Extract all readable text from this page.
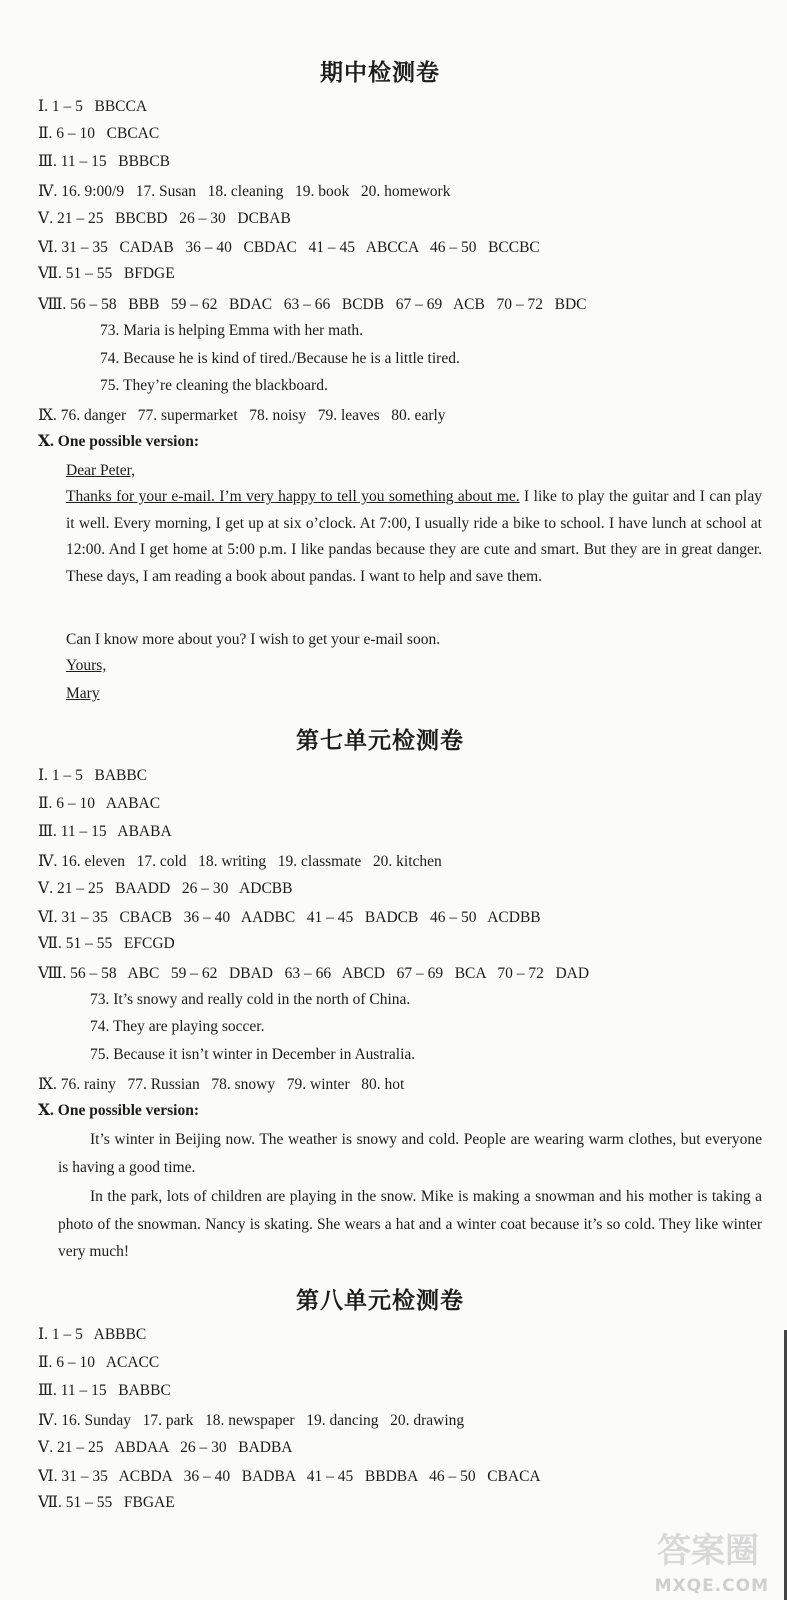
期中检测卷
Ⅰ. 1 – 5   BBCCA
Ⅱ. 6 – 10   CBCAC
Ⅲ. 11 – 15   BBBCB
Ⅳ. 16. 9:00/9   17. Susan   18. cleaning   19. book   20. homework
Ⅴ. 21 – 25   BBCBD   26 – 30   DCBAB
Ⅵ. 31 – 35   CADAB   36 – 40   CBDAC   41 – 45   ABCCA   46 – 50   BCCBC
Ⅶ. 51 – 55   BFDGE
Ⅷ. 56 – 58   BBB   59 – 62   BDAC   63 – 66   BCDB   67 – 69   ACB   70 – 72   BDC
73. Maria is helping Emma with her math.
74. Because he is kind of tired./Because he is a little tired.
75. They’re cleaning the blackboard.
Ⅸ. 76. danger   77. supermarket   78. noisy   79. leaves   80. early
Ⅹ. One possible version:
Dear Peter,
Thanks for your e-mail. I’m very happy to tell you something about me. I like to play the guitar and I can play it well. Every morning, I get up at six o’clock. At 7:00, I usually ride a bike to school. I have lunch at school at 12:00. And I get home at 5:00 p.m. I like pandas because they are cute and smart. But they are in great danger. These days, I am reading a book about pandas. I want to help and save them.
Can I know more about you? I wish to get your e-mail soon.
Yours,
Mary
第七单元检测卷
Ⅰ. 1 – 5   BABBC
Ⅱ. 6 – 10   AABAC
Ⅲ. 11 – 15   ABABA
Ⅳ. 16. eleven   17. cold   18. writing   19. classmate   20. kitchen
Ⅴ. 21 – 25   BAADD   26 – 30   ADCBB
Ⅵ. 31 – 35   CBACB   36 – 40   AADBC   41 – 45   BADCB   46 – 50   ACDBB
Ⅶ. 51 – 55   EFCGD
Ⅷ. 56 – 58   ABC   59 – 62   DBAD   63 – 66   ABCD   67 – 69   BCA   70 – 72   DAD
73. It’s snowy and really cold in the north of China.
74. They are playing soccer.
75. Because it isn’t winter in December in Australia.
Ⅸ. 76. rainy   77. Russian   78. snowy   79. winter   80. hot
Ⅹ. One possible version:
It’s winter in Beijing now. The weather is snowy and cold. People are wearing warm clothes, but everyone is having a good time.
In the park, lots of children are playing in the snow. Mike is making a snowman and his mother is taking a photo of the snowman. Nancy is skating. She wears a hat and a winter coat because it’s so cold. They like winter very much!
第八单元检测卷
Ⅰ. 1 – 5   ABBBC
Ⅱ. 6 – 10   ACACC
Ⅲ. 11 – 15   BABBC
Ⅳ. 16. Sunday   17. park   18. newspaper   19. dancing   20. drawing
Ⅴ. 21 – 25   ABDAA   26 – 30   BADBA
Ⅵ. 31 – 35   ACBDA   36 – 40   BADBA   41 – 45   BBDBA   46 – 50   CBACA
Ⅶ. 51 – 55   FBGAE
答案圈
MXQE.COM
